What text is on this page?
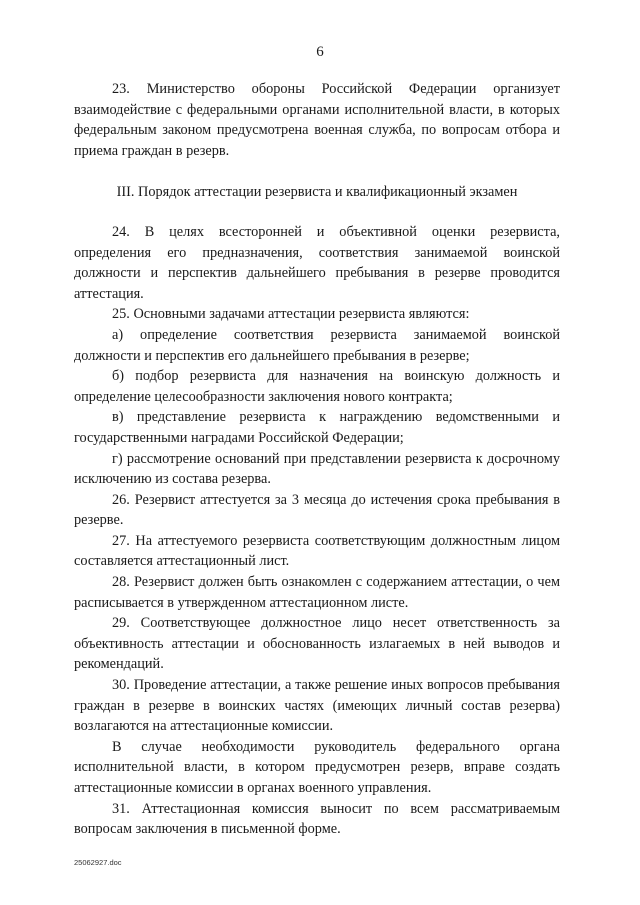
6

23. Министерство обороны Российской Федерации организует взаимодействие с федеральными органами исполнительной власти, в которых федеральным законом предусмотрена военная служба, по вопросам отбора и приема граждан в резерв.

III. Порядок аттестации резервиста и квалификационный экзамен

24. В целях всесторонней и объективной оценки резервиста, определения его предназначения, соответствия занимаемой воинской должности и перспектив дальнейшего пребывания в резерве проводится аттестация.

25. Основными задачами аттестации резервиста являются:

а) определение соответствия резервиста занимаемой воинской должности и перспектив его дальнейшего пребывания в резерве;

б) подбор резервиста для назначения на воинскую должность и определение целесообразности заключения нового контракта;

в) представление резервиста к награждению ведомственными и государственными наградами Российской Федерации;

г) рассмотрение оснований при представлении резервиста к досрочному исключению из состава резерва.

26. Резервист аттестуется за 3 месяца до истечения срока пребывания в резерве.

27. На аттестуемого резервиста соответствующим должностным лицом составляется аттестационный лист.

28. Резервист должен быть ознакомлен с содержанием аттестации, о чем расписывается в утвержденном аттестационном листе.

29. Соответствующее должностное лицо несет ответственность за объективность аттестации и обоснованность излагаемых в ней выводов и рекомендаций.

30. Проведение аттестации, а также решение иных вопросов пребывания граждан в резерве в воинских частях (имеющих личный состав резерва) возлагаются на аттестационные комиссии.

В случае необходимости руководитель федерального органа исполнительной власти, в котором предусмотрен резерв, вправе создать аттестационные комиссии в органах военного управления.

31. Аттестационная комиссия выносит по всем рассматриваемым вопросам заключения в письменной форме.

25062927.doc
